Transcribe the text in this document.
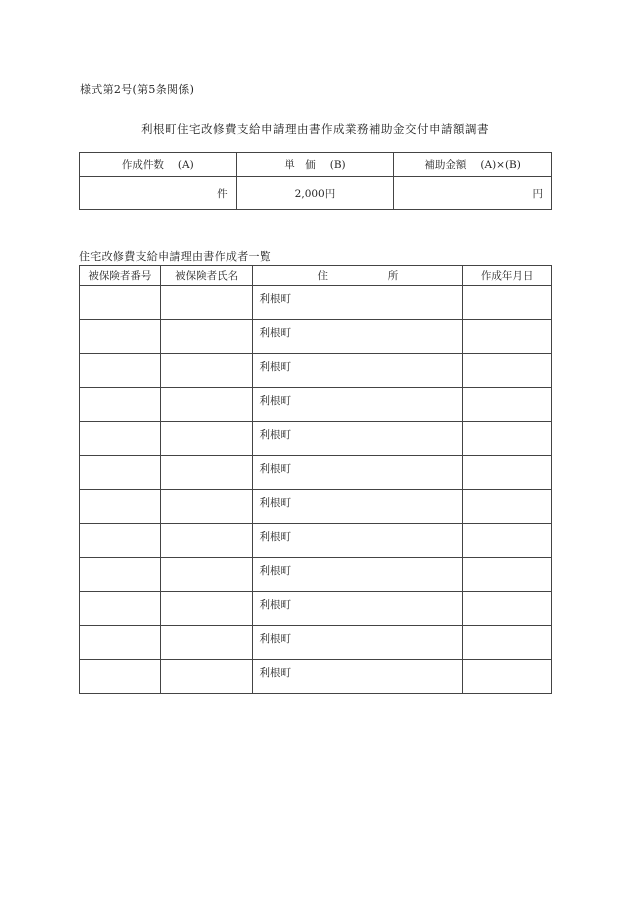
様式第2号(第5条関係)
利根町住宅改修費支給申請理由書作成業務補助金交付申請額調書
作成件数 (A)	単　価 (B)	補助金額 (A)×(B)
件	2,000円	円
住宅改修費支給申請理由書作成者一覧
被保険者番号	被保険者氏名	住 所	作成年月日
		利根町	
		利根町	
		利根町	
		利根町	
		利根町	
		利根町	
		利根町	
		利根町	
		利根町	
		利根町	
		利根町	
		利根町	
